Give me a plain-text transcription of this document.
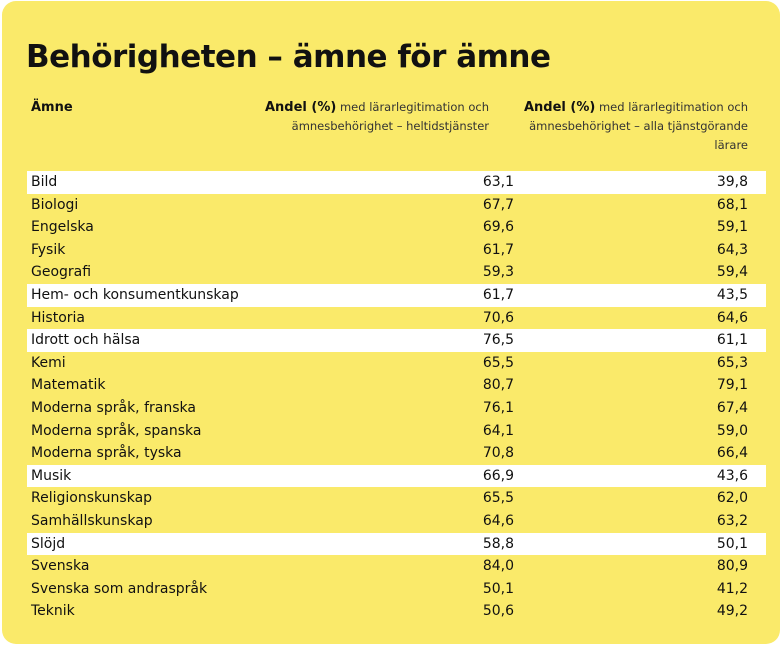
Behörigheten – ämne för ämne
Ämne	Andel (%) med lärarlegitimation och
ämnesbehörighet – heltidstjänster
Andel (%) med lärarlegitimation och
ämnesbehörighet – alla tjänstgörande
lärare
Bild	63,1	39,8
Biologi	67,7	68,1
Engelska	69,6	59,1
Fysik	61,7	64,3
Geografi	59,3	59,4
Hem- och konsumentkunskap	61,7	43,5
Historia	70,6	64,6
Idrott och hälsa	76,5	61,1
Kemi	65,5	65,3
Matematik	80,7	79,1
Moderna språk, franska	76,1	67,4
Moderna språk, spanska	64,1	59,0
Moderna språk, tyska	70,8	66,4
Musik	66,9	43,6
Religionskunskap	65,5	62,0
Samhällskunskap	64,6	63,2
Slöjd	58,8	50,1
Svenska	84,0	80,9
Svenska som andraspråk	50,1	41,2
Teknik	50,6	49,2
